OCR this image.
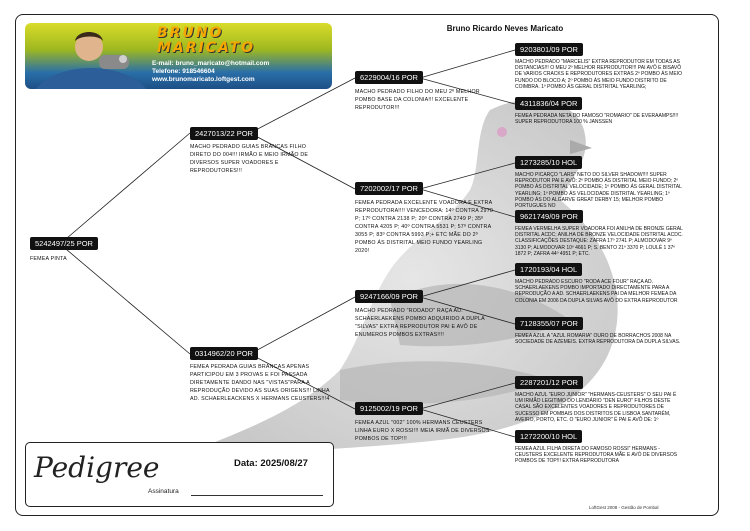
Bruno Ricardo Neves Maricato
BRUNO
MARICATO
E-mail: bruno_maricato@hotmail.com
Telefone: 918546604
www.brunomaricato.loftgest.com
5242497/25 POR
FEMEA PINTA
2427013/22 POR
MACHO PEDRADO GUIAS BRANCAS FILHO DIRETO DO 004!!! IRMÃO E MEIO IRMÃO DE DIVERSOS SUPER VOADORES E REPRODUTORES!!!
0314962/20 POR
FEMEA PEDRADA GUIAS BRANCAS APENAS PARTICIPOU EM 3 PROVAS E FOI PASSADA DIRETAMENTE DANDO NAS "VISTAS"PARA A REPRODUÇÃO DEVIDO AS SUAS ORIGENS!!! LINHA AD. SCHAERLEACKENS X HERMANS CEUSTERS!!!4
6229004/16 POR
MACHO PEDRADO FILHO DO MEU 2º MELHOR POMBO BASE DA COLONIA!!! EXCELENTE REPRODUTOR!!!
7202002/17 POR
FEMEA PEDRADA EXCELENTE VOADORA E EXTRA REPRODUTORA!!!! VENCEDORA: 14º CONTRA 2970 P; 17º CONTRA 2138 P; 20º CONTRA 2749 P; 35º CONTRA 4205 P; 40º CONTRA 5531 P; 57º CONTRA 3055 P; 83º CONTRA 5993 P;+ ETC MÃE DO 2º POMBO ÁS DISTRITAL MEIO FUNDO YEARLING 2020!
9247166/09 POR
MACHO PEDRADO "RODADO" RAÇA AD. SCHAERLAEKENS POMBO ADQUIRIDO A DUPLA "SILVAS" EXTRA REPRODUTOR PAI E AVÔ DE ENUMEROS POMBOS EXTRAS!!!!
9125002/19 POR
FEMEA AZUL "002" 100% HERMANS CEUSTERS LINHA EURO X ROSSI!!! MEIA IRMÃ DE DIVERSOS POMBOS DE TOP!!!
9203801/09 POR
MACHO PEDRADO "MARCELIS" EXTRA REPRODUTOR EM TODAS AS DISTANCIAS!!! O MEU 2º MELHOR REPRODUTOR!!! PAI AVÔ E BISAVÔ DE VARIOS CRACKS E REPRODUTORES EXTRAS 2º POMBO ÁS MEIO FUNDO DO BLOCO A; 2º POMBO ÁS MEIO FUNDO DISTRITO DE COIMBRA. 1º POMBO ÁS GERAL DISTRITAL YEARLING;
4311836/04 POR
FEMEA PEDRADA NETA DO FAMOSO "ROMARIO" DE EVERAAMPS!!!! SUPER REPRODUTORA 100 % JANSSEN
1273285/10 HOL
MACHO PICARÇO "LARS" NETO DO SILVER SHADOW!!!! SUPER REPRODUTOR PAI E AVÔ: 2º POMBO ÁS DISTRITAL MEIO FUNDO; 2º POMBO ÁS DISTRITAL VELOCIDADE; 1º POMBO ÁS GERAL DISTRITAL YEARLING; 1º POMBO ÁS VELOCIDADE DISTRITAL YEARLING; 1º POMBO ÁS DO ALGARVE GREAT DERBY 15; MELHOR POMBO PORTUGUES NO
9621749/09 POR
FEMEA VERMELHA SUPER VOADORA FOI ANILHA DE BRONZE GERAL DISTRITAL ACDC; ANILHA DE BRONZE VELOCIDADE DISTRITAL ACDC. CLASSIFICAÇÕES DESTAQUE: ZAFRA 17º 2741 P; ALMODOVAR 9º 3130 P; ALMODOVAR 10º 4661 P; S. BENTO 21º 3370 P; LOULÉ 1 37º 1872 P; ZAFRA 44º 4951 P; ETC.
1720193/04 HOL
MACHO PEDRADO ESCURO "RODA ACE FOUR" RAÇA AD. SCHAERLAEKENS POMBO IMPORTADO DIRECTAMENTE PARA A REPRODUÇÃO A AD. SCHAERLAEKENS PAI DA MELHOR FEMEA DA COLONIA EM 2006 DA DUPLA SILVAS AVÔ DO EXTRA REPRODUTOR
7128355/07 POR
FEMEA AZUL A "AZUL ROMARIA" OURO DE BORRACHOS 2008 NA SOCIEDADE DE AZEMEIS. EXTRA REPRODUTORA DA DUPLA SILVAS.
2287201/12 POR
MACHO AZUL "EURO JUNIOR" "HERMANS-CEUSTERS" O SEU PAI É UM IRMÃO LEGITIMO DO LENDÁRIO "DEN EURO" FILHOS DESTE CASAL SÃO EXCELENTES VOADORES E REPRODUTORES DE SUCESSO EM POMBAIS DOS DISTRITOS DE LISBOA SANTARÉM, AVEIRO, PORTO, ETC. O "EURO JUNIOR" É PAI E AVÔ DE: 1º
1272200/10 HOL
FEMEA AZUL FILHA DIRETA DO FAMOSO ROSSI" HERMANS - CEUSTERS EXCELENTE REPRODUTORA MÃE E AVÓ DE DIVERSOS POMBOS DE TOP!!! EXTRA REPRODUTORA
Pedigree	Data: 2025/08/27
Assinatura
LoftGest 2008 - Gestão de Pombal
